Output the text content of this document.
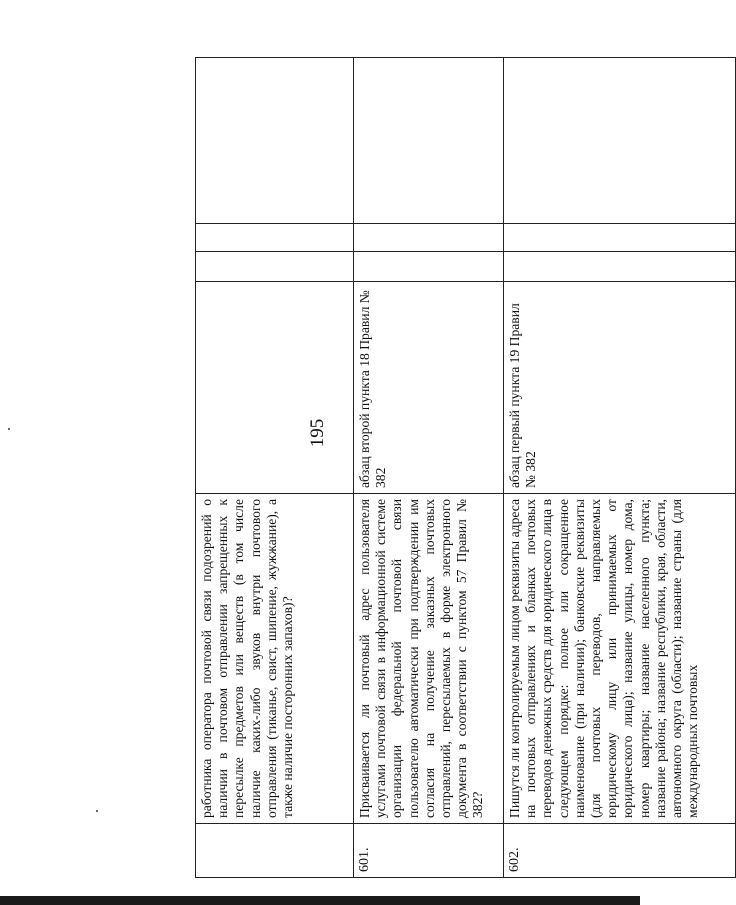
195
	работника оператора почтовой связи подозрений о наличии в почтовом отправлении запрещенных к пересылке предметов или веществ (в том числе наличие каких-либо звуков внутри почтового отправления (тиканье, свист, шипение, жужжание), а также наличие посторонних запахов)?				
601.	Присваивается ли почтовый адрес пользователя услугами почтовой связи в информационной системе организации федеральной почтовой связи пользователю автоматически при подтверждении им согласия на получение заказных почтовых отправлений, пересылаемых в форме электронного документа в соответствии с пунктом 57 Правил № 382?	абзац второй пункта 18 Правил № 382			
602.	Пишутся ли контролируемым лицом реквизиты адреса на почтовых отправлениях и бланках почтовых переводов денежных средств для юридического лица в следующем порядке: полное или сокращенное наименование (при наличии); банковские реквизиты (для почтовых переводов, направляемых юридическому лицу или принимаемых от юридического лица); название улицы, номер дома, номер квартиры; название населенного пункта; название района; название республики, края, области, автономного округа (области); название страны (для международных почтовых	абзац первый пункта 19 Правил № 382			
